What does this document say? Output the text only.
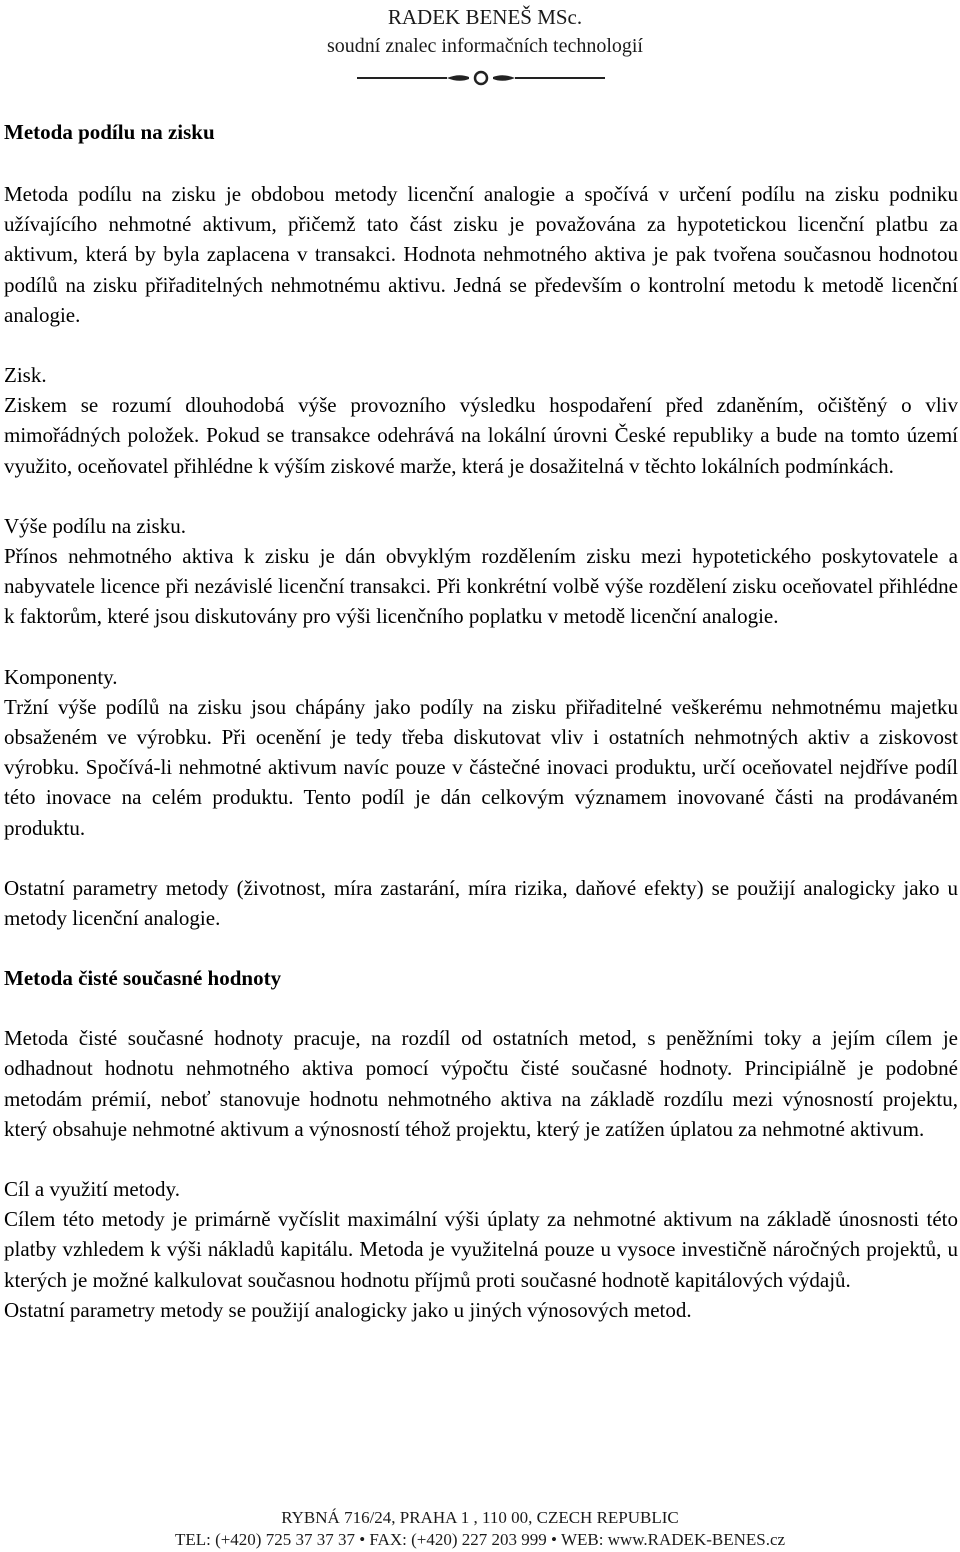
RADEK BENEŠ MSc.
soudní znalec informačních technologií
Metoda podílu na zisku

Metoda podílu na zisku je obdobou metody licenční analogie a spočívá v určení podílu na zisku podniku užívajícího nehmotné aktivum, přičemž tato část zisku je považována za hypotetickou licenční platbu za aktivum, která by byla zaplacena v transakci. Hodnota nehmotného aktiva je pak tvořena současnou hodnotou podílů na zisku přiřaditelných nehmotnému aktivu. Jedná se především o kontrolní metodu k metodě licenční analogie.

Zisk.

Ziskem se rozumí dlouhodobá výše provozního výsledku hospodaření před zdaněním, očištěný o vliv mimořádných položek. Pokud se transakce odehrává na lokální úrovni České republiky a bude na tomto území využito, oceňovatel přihlédne k výším ziskové marže, která je dosažitelná v těchto lokálních podmínkách.

Výše podílu na zisku.

Přínos nehmotného aktiva k zisku je dán obvyklým rozdělením zisku mezi hypotetického poskytovatele a nabyvatele licence při nezávislé licenční transakci. Při konkrétní volbě výše rozdělení zisku oceňovatel přihlédne k faktorům, které jsou diskutovány pro výši licenčního poplatku v metodě licenční analogie.

Komponenty.

Tržní výše podílů na zisku jsou chápány jako podíly na zisku přiřaditelné veškerému nehmotnému majetku obsaženém ve výrobku. Při ocenění je tedy třeba diskutovat vliv i ostatních nehmotných aktiv a ziskovost výrobku. Spočívá-li nehmotné aktivum navíc pouze v částečné inovaci produktu, určí oceňovatel nejdříve podíl této inovace na celém produktu. Tento podíl je dán celkovým významem inovované části na prodávaném produktu.

Ostatní parametry metody (životnost, míra zastarání, míra rizika, daňové efekty) se použijí analogicky jako u metody licenční analogie.

Metoda čisté současné hodnoty

Metoda čisté současné hodnoty pracuje, na rozdíl od ostatních metod, s peněžními toky a jejím cílem je odhadnout hodnotu nehmotného aktiva pomocí výpočtu čisté současné hodnoty. Principiálně je podobné metodám prémií, neboť stanovuje hodnotu nehmotného aktiva na základě rozdílu mezi výnosností projektu, který obsahuje nehmotné aktivum a výnosností téhož projektu, který je zatížen úplatou za nehmotné aktivum.

Cíl a využití metody.

Cílem této metody je primárně vyčíslit maximální výši úplaty za nehmotné aktivum na základě únosnosti této platby vzhledem k výši nákladů kapitálu. Metoda je využitelná pouze u vysoce investičně náročných projektů, u kterých je možné kalkulovat současnou hodnotu příjmů proti současné hodnotě kapitálových výdajů.

Ostatní parametry metody se použijí analogicky jako u jiných výnosových metod.

RYBNÁ 716/24, PRAHA 1 , 110 00, CZECH REPUBLIC
TEL: (+420) 725 37 37 37 • FAX: (+420) 227 203 999 • WEB: www.RADEK-BENES.cz
